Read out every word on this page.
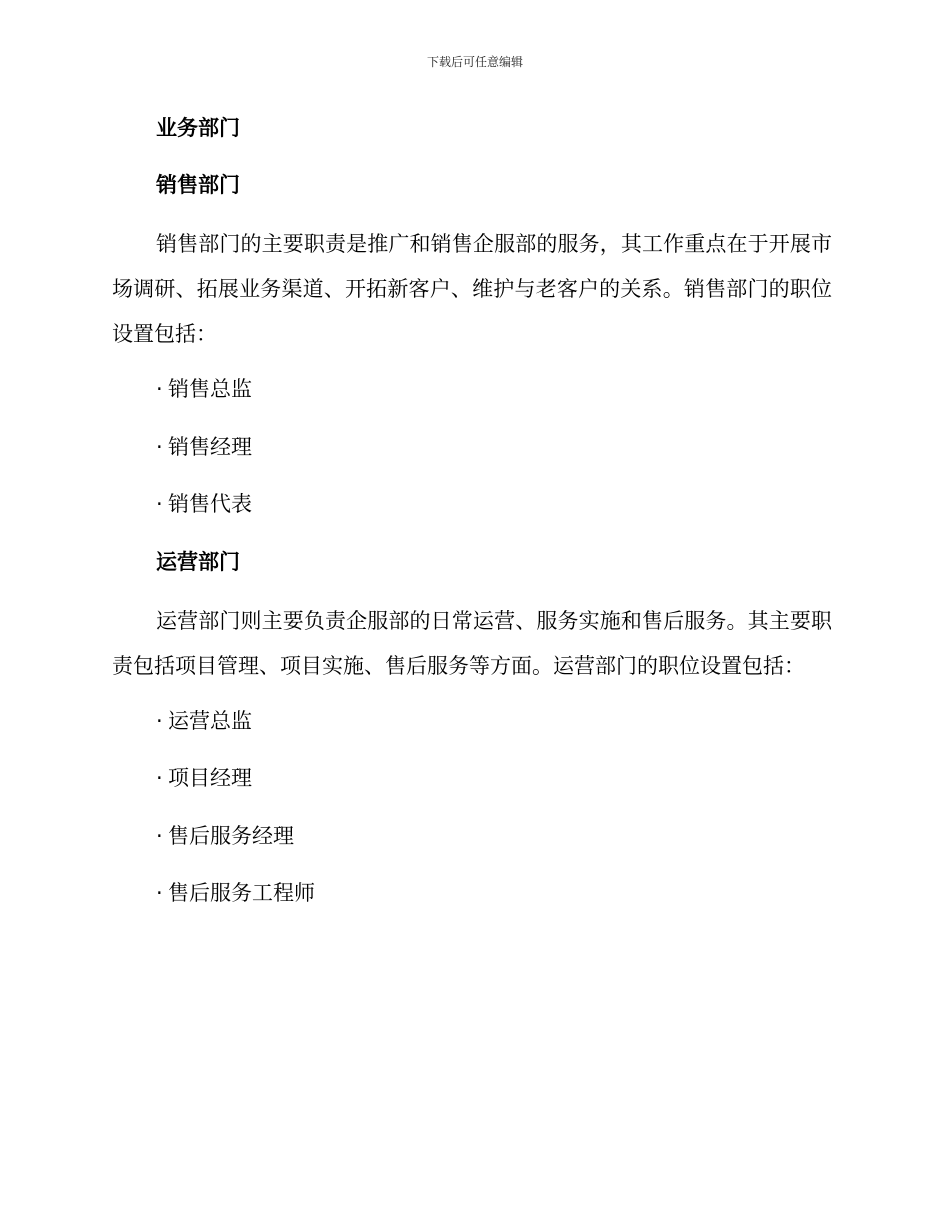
下载后可任意编辑
业务部门
销售部门

销售部门的主要职责是推广和销售企服部的服务，其工作重点在于开展市场调研、拓展业务渠道、开拓新客户、维护与老客户的关系。销售部门的职位设置包括：

· 销售总监
· 销售经理
· 销售代表
运营部门

运营部门则主要负责企服部的日常运营、服务实施和售后服务。其主要职责包括项目管理、项目实施、售后服务等方面。运营部门的职位设置包括：

· 运营总监
· 项目经理
· 售后服务经理
· 售后服务工程师
